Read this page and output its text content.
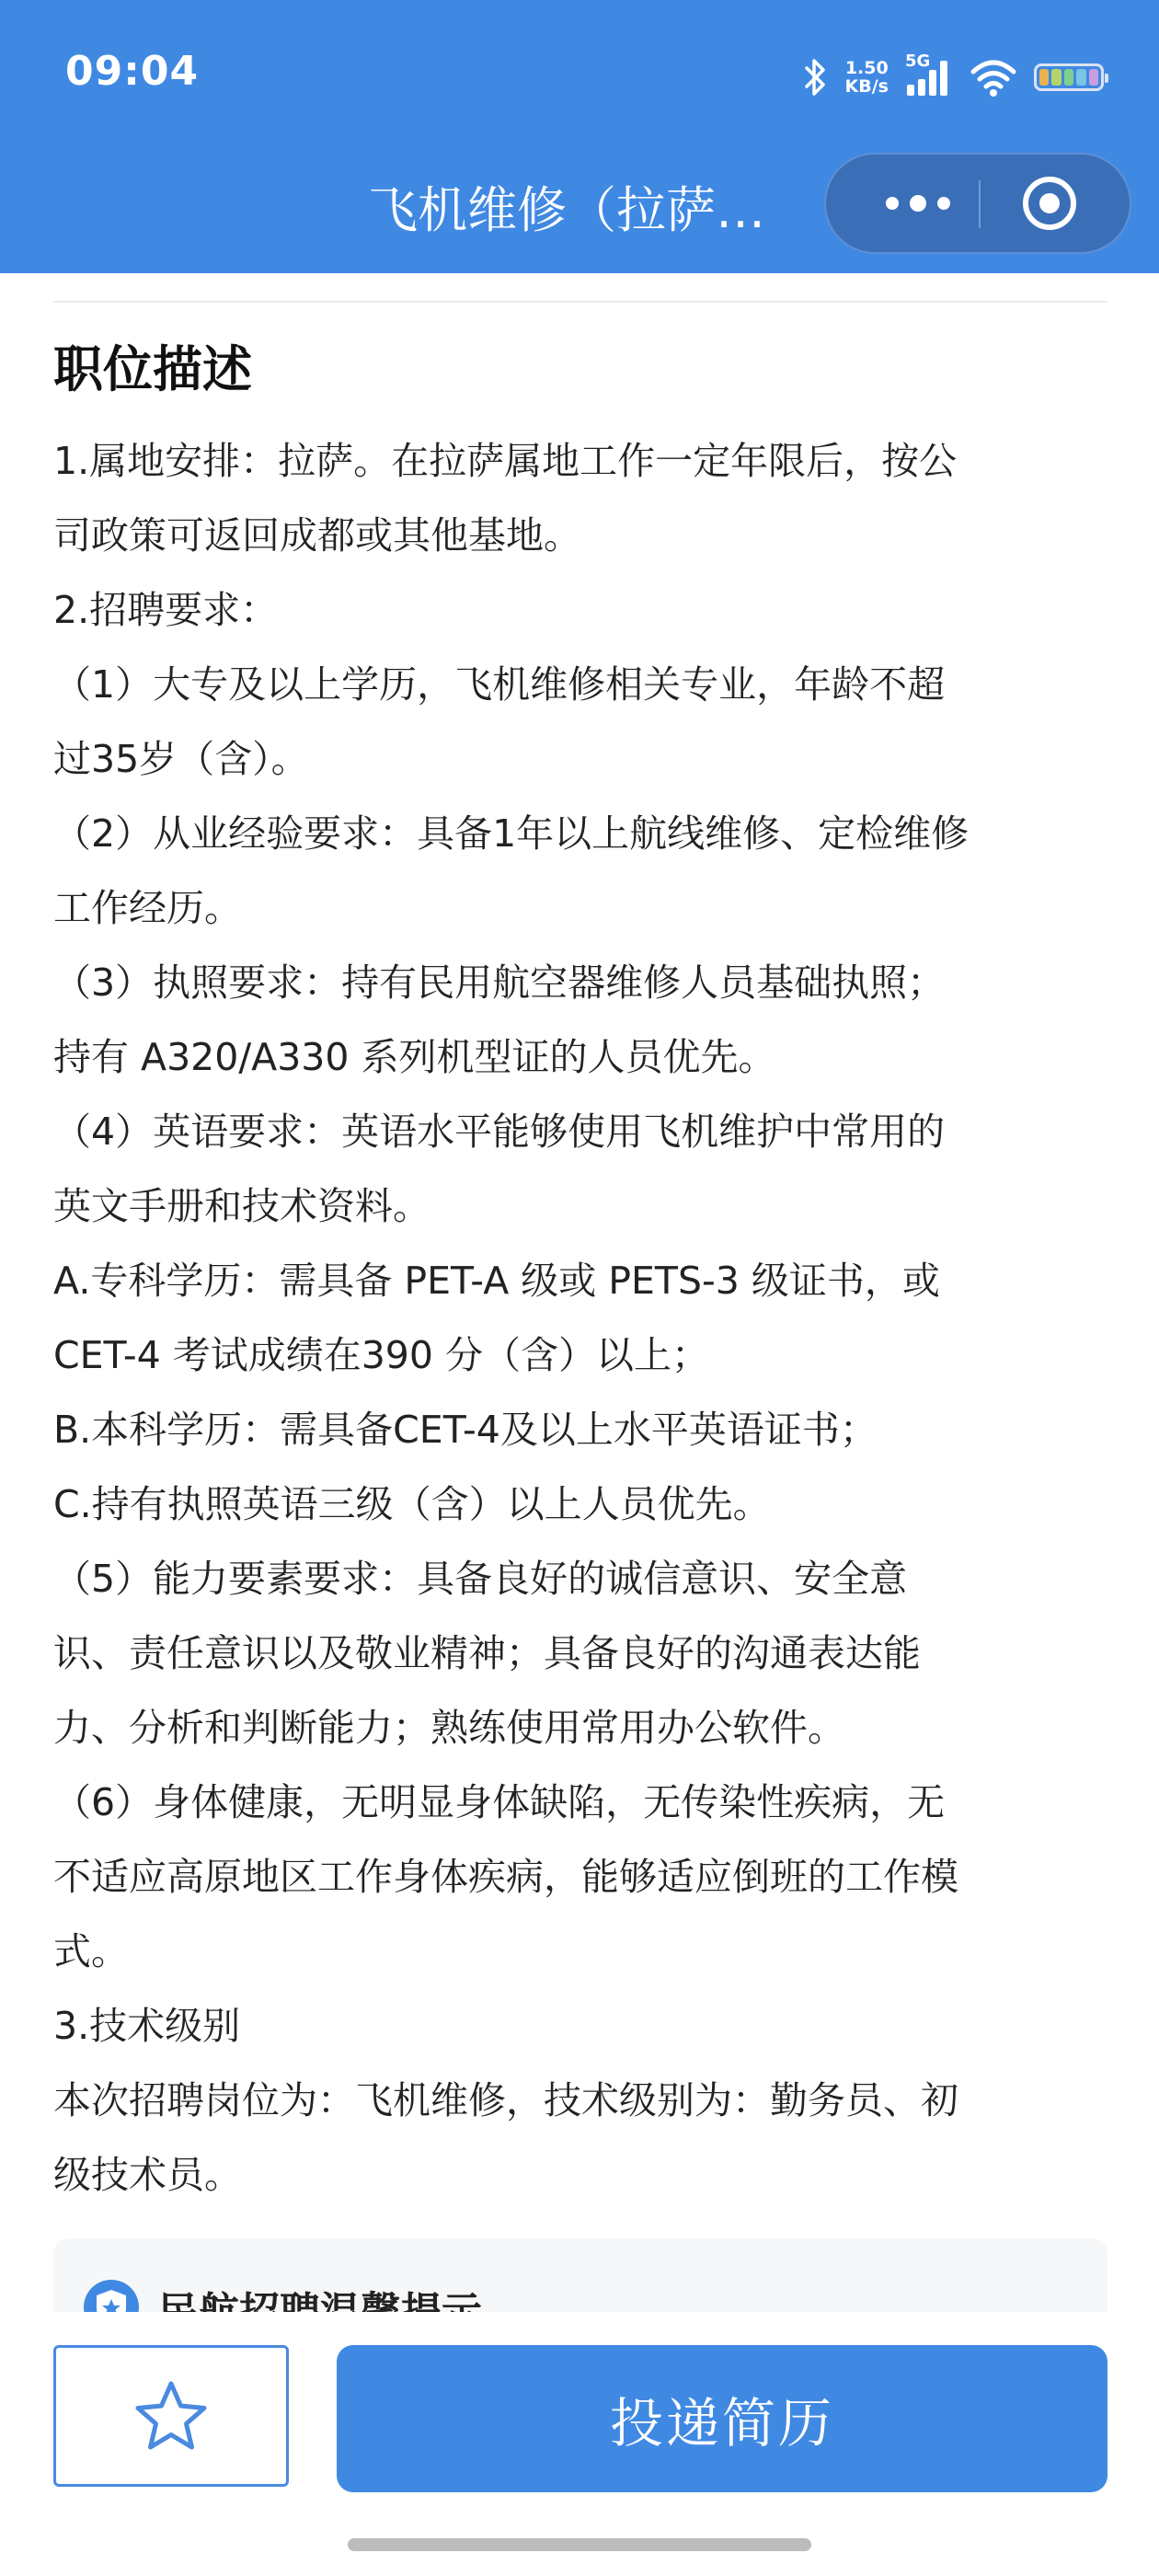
09:04	1.50
KB/s
5G
飞机维修（拉萨…
职位描述

1.属地安排：拉萨。在拉萨属地工作一定年限后，按公
司政策可返回成都或其他基地。
2.招聘要求：
（1）大专及以上学历，飞机维修相关专业，年龄不超
过35岁（含）。
（2）从业经验要求：具备1年以上航线维修、定检维修
工作经历。
（3）执照要求：持有民用航空器维修人员基础执照；
持有 A320/A330 系列机型证的人员优先。
（4）英语要求：英语水平能够使用飞机维护中常用的
英文手册和技术资料。
A.专科学历：需具备 PET-A 级或 PETS-3 级证书，或
CET-4 考试成绩在390 分（含）以上；
B.本科学历：需具备CET-4及以上水平英语证书；
C.持有执照英语三级（含）以上人员优先。
（5）能力要素要求：具备良好的诚信意识、安全意
识、责任意识以及敬业精神；具备良好的沟通表达能
力、分析和判断能力；熟练使用常用办公软件。
（6）身体健康，无明显身体缺陷，无传染性疾病，无
不适应高原地区工作身体疾病，能够适应倒班的工作模
式。
3.技术级别
本次招聘岗位为：飞机维修，技术级别为：勤务员、初
级技术员。

投递简历
